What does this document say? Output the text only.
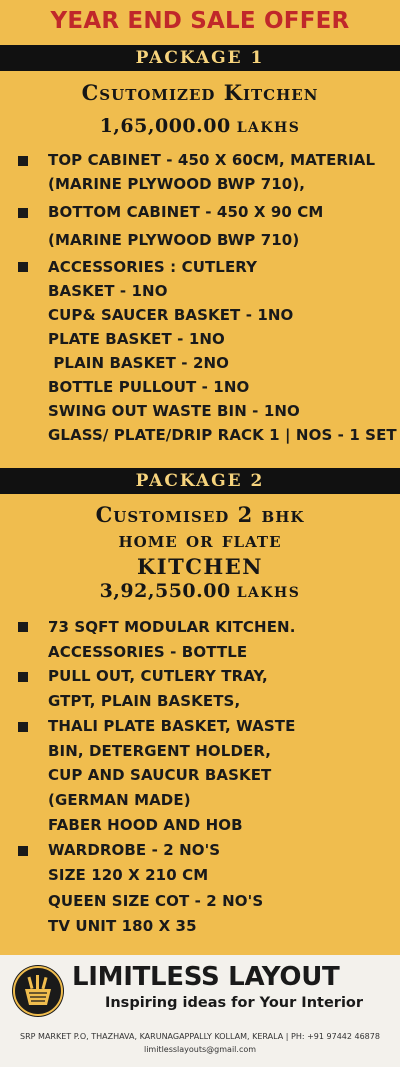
YEAR END SALE OFFER
PACKAGE 1
Csutomized Kitchen
1,65,000.00 LAKHS
TOP CABINET - 450 X 60CM, MATERIAL
(MARINE PLYWOOD BWP 710),
BOTTOM CABINET - 450 X 90 CM
(MARINE PLYWOOD BWP 710)
ACCESSORIES : CUTLERY
BASKET - 1NO
CUP& SAUCER BASKET - 1NO
PLATE BASKET - 1NO
PLAIN BASKET - 2NO
BOTTLE PULLOUT - 1NO
SWING OUT WASTE BIN - 1NO
GLASS/ PLATE/DRIP RACK 1 | NOS - 1 SET
PACKAGE 2
Customised 2 bhk
home or flate
KITCHEN
3,92,550.00 LAKHS
73 SQFT MODULAR KITCHEN.
ACCESSORIES - BOTTLE
PULL OUT, CUTLERY TRAY,
GTPT, PLAIN BASKETS,
THALI PLATE BASKET, WASTE
BIN, DETERGENT HOLDER,
CUP AND SAUCUR BASKET
(GERMAN MADE)
FABER HOOD AND HOB
WARDROBE - 2 NO'S
SIZE 120 X 210 CM
QUEEN SIZE COT - 2 NO'S
TV UNIT 180 X 35
LIMITLESS LAYOUT
Inspiring ideas for Your Interior
SRP MARKET P.O, THAZHAVA, KARUNAGAPPALLY KOLLAM, KERALA | PH: +91 97442 46878
limitlesslayouts@gmail.com
